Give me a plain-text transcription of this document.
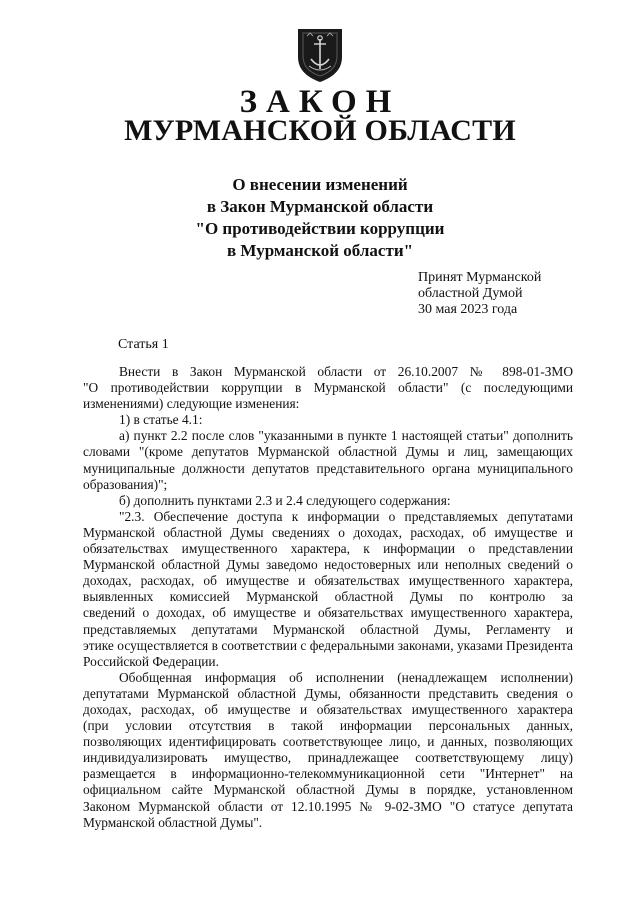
ЗАКОН
МУРМАНСКОЙ ОБЛАСТИ
О внесении изменений
в Закон Мурманской области
"О противодействии коррупции
в Мурманской области"
Принят Мурманской
областной Думой
30 мая 2023 года
Статья 1
Внести в Закон Мурманской области от 26.10.2007 № 898-01-ЗМО
"О противодействии коррупции в Мурманской области" (с последующими
изменениями) следующие изменения:
1) в статье 4.1:
а) пункт 2.2 после слов "указанными в пункте 1 настоящей статьи" дополнить
словами "(кроме депутатов Мурманской областной Думы и лиц, замещающих
муниципальные должности депутатов представительного органа муниципального
образования)";
б) дополнить пунктами 2.3 и 2.4 следующего содержания:
"2.3. Обеспечение доступа к информации о представляемых депутатами
Мурманской областной Думы сведениях о доходах, расходах, об имуществе и
обязательствах имущественного характера, к информации о представлении
Мурманской областной Думы заведомо недостоверных или неполных сведений о
доходах, расходах, об имуществе и обязательствах имущественного характера,
выявленных комиссией Мурманской областной Думы по контролю за
сведений о доходах, об имуществе и обязательствах имущественного характера,
представляемых депутатами Мурманской областной Думы, Регламенту и
этике осуществляется в соответствии с федеральными законами, указами Президента
Российской Федерации.
Обобщенная информация об исполнении (ненадлежащем исполнении)
депутатами Мурманской областной Думы, обязанности представить сведения о
доходах, расходах, об имуществе и обязательствах имущественного характера
(при условии отсутствия в такой информации персональных данных,
позволяющих идентифицировать соответствующее лицо, и данных, позволяющих
индивидуализировать имущество, принадлежащее соответствующему лицу)
размещается в информационно-телекоммуникационной сети "Интернет" на
официальном сайте Мурманской областной Думы в порядке, установленном
Законом Мурманской области от 12.10.1995 № 9-02-ЗМО "О статусе депутата
Мурманской областной Думы".
